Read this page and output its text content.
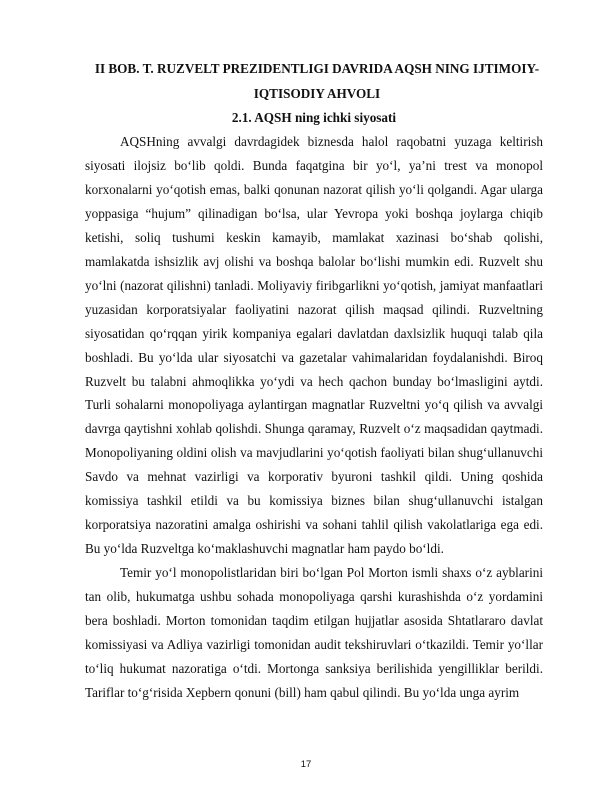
II BOB. T. RUZVELT PREZIDENTLIGI DAVRIDA AQSH NING IJTIMOIY-IQTISODIY AHVOLI
2.1. AQSH ning ichki siyosati

AQSHning avvalgi davrdagidek biznesda halol raqobatni yuzaga keltirish siyosati ilojsiz bo‘lib qoldi. Bunda faqatgina bir yo‘l, ya’ni trest va monopol korxonalarni yo‘qotish emas, balki qonunan nazorat qilish yo‘li qolgandi. Agar ularga yoppasiga “hujum” qilinadigan bo‘lsa, ular Yevropa yoki boshqa joylarga chiqib ketishi, soliq tushumi keskin kamayib, mamlakat xazinasi bo‘shab qolishi, mamlakatda ishsizlik avj olishi va boshqa balolar bo‘lishi mumkin edi. Ruzvelt shu yo‘lni (nazorat qilishni) tanladi. Moliyaviy firibgarlikni yo‘qotish, jamiyat manfaatlari yuzasidan korporatsiyalar faoliyatini nazorat qilish maqsad qilindi. Ruzveltning siyosatidan qo‘rqqan yirik kompaniya egalari davlatdan daxlsizlik huquqi talab qila boshladi. Bu yo‘lda ular siyosatchi va gazetalar vahimalaridan foydalanishdi. Biroq Ruzvelt bu talabni ahmoqlikka yo‘ydi va hech qachon bunday bo‘lmasligini aytdi. Turli sohalarni monopoliyaga aylantirgan magnatlar Ruzveltni yo‘q qilish va avvalgi davrga qaytishni xohlab qolishdi. Shunga qaramay, Ruzvelt o‘z maqsadidan qaytmadi. Monopoliyaning oldini olish va mavjudlarini yo‘qotish faoliyati bilan shug‘ullanuvchi Savdo va mehnat vazirligi va korporativ byuroni tashkil qildi. Uning qoshida komissiya tashkil etildi va bu komissiya biznes bilan shug‘ullanuvchi istalgan korporatsiya nazoratini amalga oshirishi va sohani tahlil qilish vakolatlariga ega edi. Bu yo‘lda Ruzveltga ko‘maklashuvchi magnatlar ham paydo bo‘ldi.

Temir yo‘l monopolistlaridan biri bo‘lgan Pol Morton ismli shaxs o‘z ayblarini tan olib, hukumatga ushbu sohada monopoliyaga qarshi kurashishda o‘z yordamini bera boshladi. Morton tomonidan taqdim etilgan hujjatlar asosida Shtatlararo davlat komissiyasi va Adliya vazirligi tomonidan audit tekshiruvlari o‘tkazildi. Temir yo‘llar to‘liq hukumat nazoratiga o‘tdi. Mortonga sanksiya berilishida yengilliklar berildi. Tariflar to‘g‘risida Xepbern qonuni (bill) ham qabul qilindi. Bu yo‘lda unga ayrim

17
